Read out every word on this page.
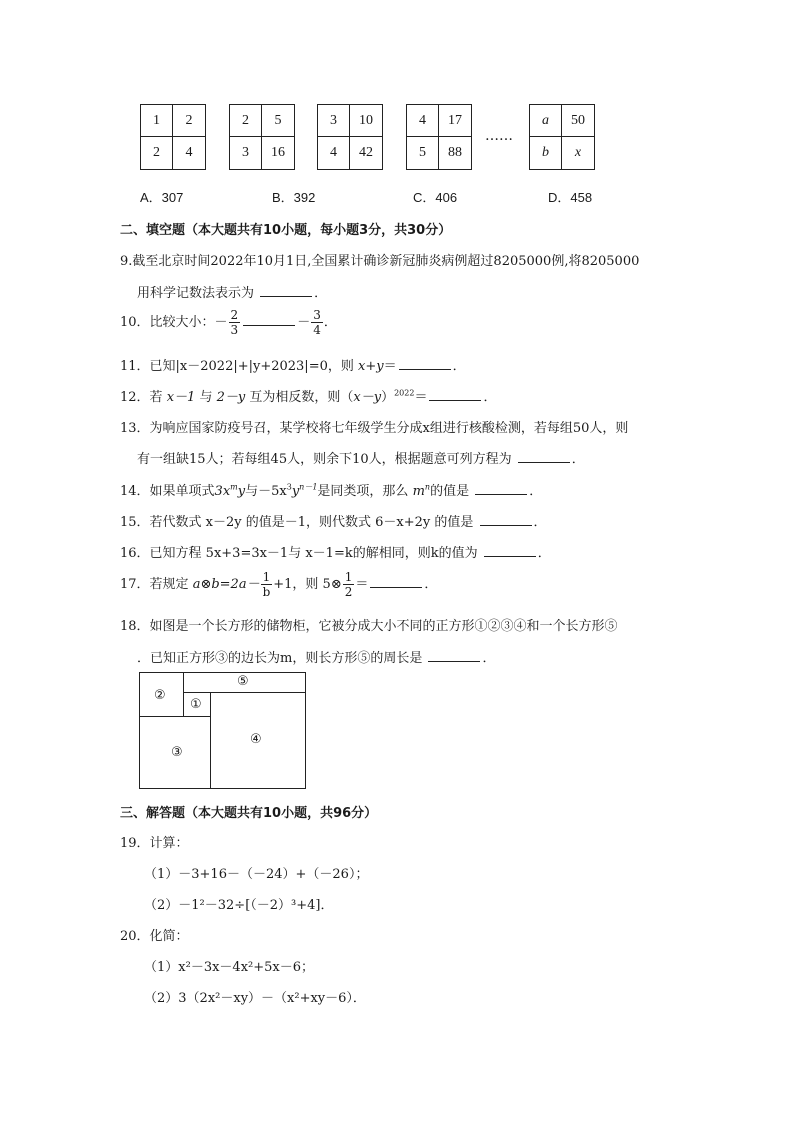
1	2
2	4
2	5
3	16
3	10
4	42
4	17
5	88
……
a	50
b	x
A．307	B．392	C．406	D．458
二、填空题（本大题共有10小题，每小题3分，共30分）
9.截至北京时间2022年10月1日,全国累计确诊新冠肺炎病例超过8205000例,将8205000
用科学记数法表示为	．
10．比较大小：－ $\frac{2}{3}$	－ $\frac{3}{4}$ ．
11．已知|x－2022|+|y+2023|=0，则 x+y＝	．
12．若 x－1 与 2－y 互为相反数，则$(x-y)^{2022}=$	．
13．为响应国家防疫号召，某学校将七年级学生分成x组进行核酸检测，若每组50人，则
有一组缺15人；若每组45人，则余下10人，根据题意可列方程为	．
14．如果单项式$3x^my$与$-5x^3y^{n-1}$是同类项，那么 $m^n$的值是	．
15．若代数式 x－2y 的值是－1，则代数式 6－x+2y 的值是	．
16．已知方程 5x+3=3x－1与 x－1=k的解相同，则k的值为	．
17．若规定 a⊗b=2a－ $\frac{1}{b} +1$，则 5⊗ $\frac{1}{2}$ ＝	．
18．如图是一个长方形的储物柜，它被分成大小不同的正方形①②③④和一个长方形⑤
．已知正方形③的边长为m，则长方形⑤的周长是	．
⑤
②
①
③
④
三、解答题（本大题共有10小题，共96分）
19．计算：
（1）－3+16－（－24）+（－26）；
（2）－1²－32÷[（－2）³+4]．
20．化简：
（1）x²－3x－4x²+5x－6；
（2）3（2x²－xy）－（x²+xy－6）．
